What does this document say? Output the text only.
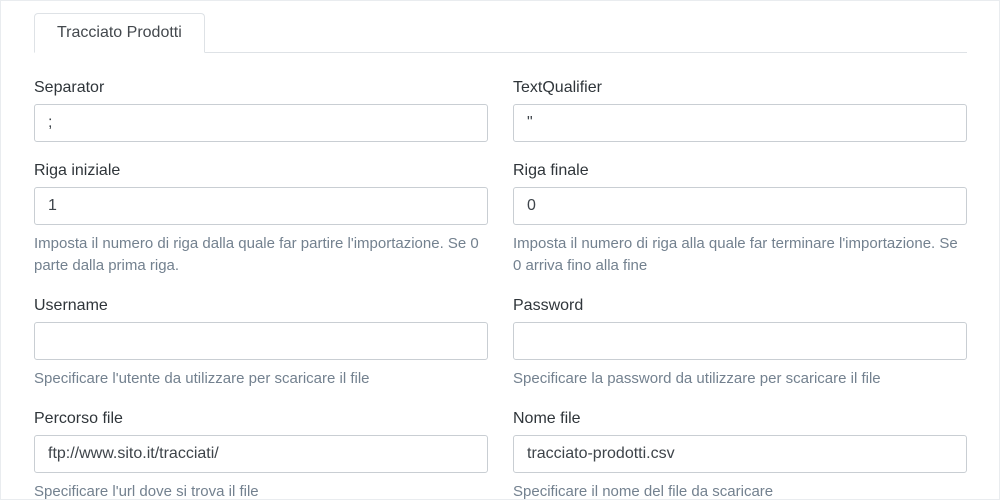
Tracciato Prodotti
Separator
;	TextQualifier
"
Riga iniziale
1
Imposta il numero di riga dalla quale far partire l'importazione. Se 0 parte dalla prima riga.
Riga finale
0
Imposta il numero di riga alla quale far terminare l'importazione. Se 0 arriva fino alla fine
Username
Specificare l'utente da utilizzare per scaricare il file
Password
Specificare la password da utilizzare per scaricare il file
Percorso file
ftp://www.sito.it/tracciati/
Specificare l'url dove si trova il file
Nome file
tracciato-prodotti.csv
Specificare il nome del file da scaricare
